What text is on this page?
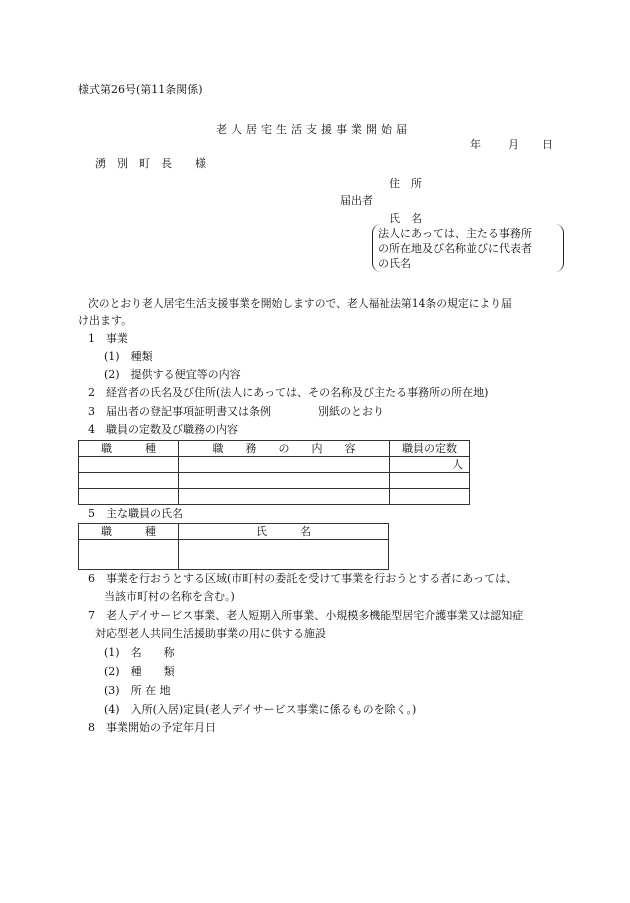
様式第26号(第11条関係)
老人居宅生活支援事業開始届
年 月 日
湧　別　町　長 様
住　所
届出者
氏　名
法人にあっては、主たる事務所
の所在地及び名称並びに代表者
の氏名
次のとおり老人居宅生活支援事業を開始しますので、老人福祉法第14条の規定により届
け出ます。
1　事業
(1)　種類
(2)　提供する便宜等の内容
2　経営者の氏名及び住所(法人にあっては、その名称及び主たる事務所の所在地)
3　届出者の登記事項証明書又は条例	別紙のとおり
4　職員の定数及び職務の内容
職　　　種	職　　務　　の　　内　　容	職員の定数
		人

5　主な職員の氏名
職　　　種	氏　　　名

6　事業を行おうとする区域(市町村の委託を受けて事業を行おうとする者にあっては、
当該市町村の名称を含む。)
7　老人デイサービス事業、老人短期入所事業、小規模多機能型居宅介護事業又は認知症
対応型老人共同生活援助事業の用に供する施設
(1)　名　　称
(2)　種　　類
(3)　所 在 地
(4)　入所(入居)定員(老人デイサービス事業に係るものを除く。)
8　事業開始の予定年月日
